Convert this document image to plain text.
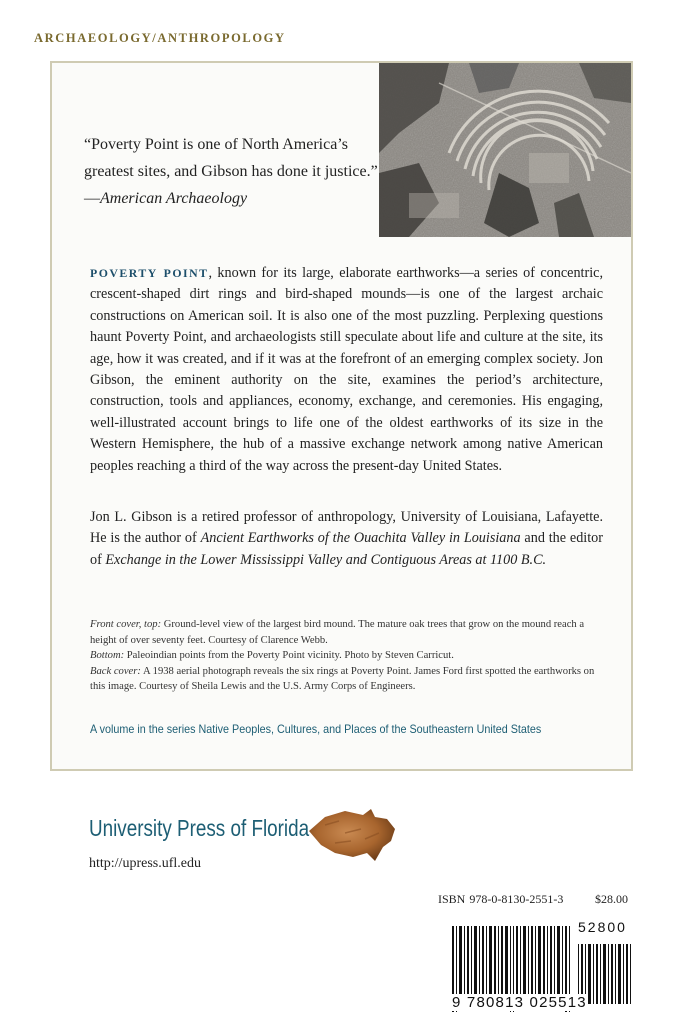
ARCHAEOLOGY/ANTHROPOLOGY
“Poverty Point is one of North America’s greatest sites, and Gibson has done it justice.” —American Archaeology
POVERTY POINT, known for its large, elaborate earthworks—a series of concentric, crescent-shaped dirt rings and bird-shaped mounds—is one of the largest archaic constructions on American soil. It is also one of the most puzzling. Perplexing questions haunt Poverty Point, and archaeologists still speculate about life and culture at the site, its age, how it was created, and if it was at the forefront of an emerging complex society. Jon Gibson, the eminent authority on the site, examines the period’s architecture, construction, tools and appliances, economy, exchange, and ceremonies. His engaging, well-illustrated account brings to life one of the oldest earthworks of its size in the Western Hemisphere, the hub of a massive exchange network among native American peoples reaching a third of the way across the present-day United States.
Jon L. Gibson is a retired professor of anthropology, University of Louisiana, Lafayette. He is the author of Ancient Earthworks of the Ouachita Valley in Louisiana and the editor of Exchange in the Lower Mississippi Valley and Contiguous Areas at 1100 B.C.
Front cover, top: Ground-level view of the largest bird mound. The mature oak trees that grow on the mound reach a height of over seventy feet. Courtesy of Clarence Webb.
Bottom: Paleoindian points from the Poverty Point vicinity. Photo by Steven Carricut.
Back cover: A 1938 aerial photograph reveals the six rings at Poverty Point. James Ford first spotted the earthworks on this image. Courtesy of Sheila Lewis and the U.S. Army Corps of Engineers.
A volume in the series Native Peoples, Cultures, and Places of the Southeastern United States
University Press of Florida
http://upress.ufl.edu
ISBN 978-0-8130-2551-3	$28.00
52800
9 780813 025513
